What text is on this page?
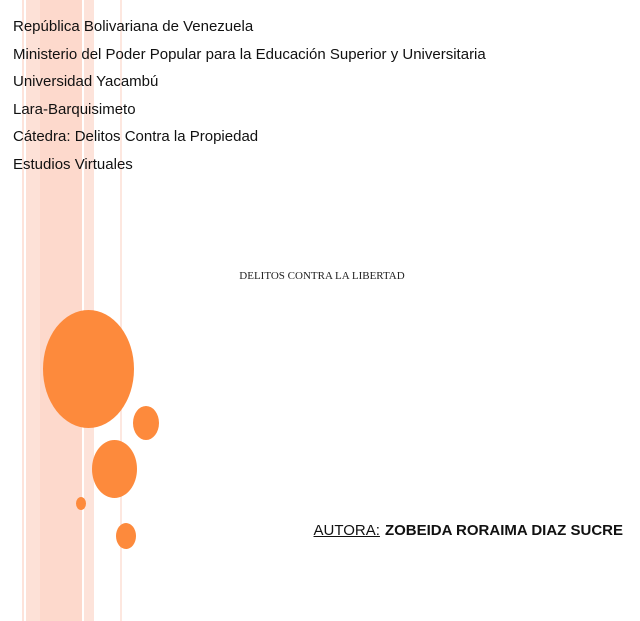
República Bolivariana de Venezuela
Ministerio del Poder Popular para la Educación Superior y Universitaria
Universidad Yacambú
Lara-Barquisimeto
Cátedra: Delitos Contra la Propiedad
Estudios Virtuales
DELITOS CONTRA LA LIBERTAD
AUTORA: ZOBEIDA RORAIMA DIAZ SUCRE
